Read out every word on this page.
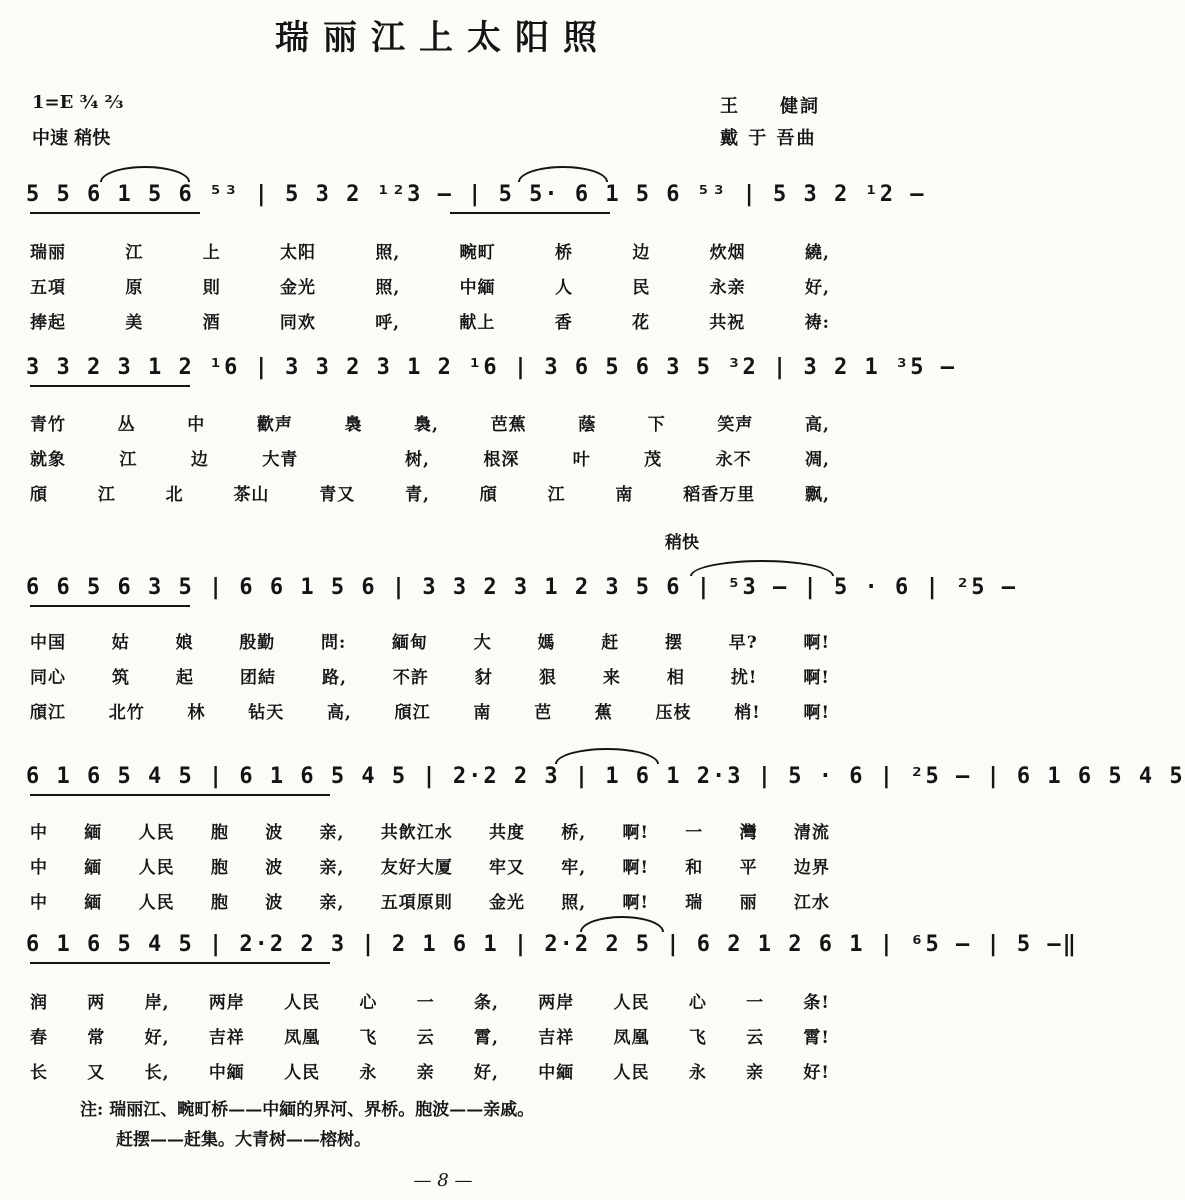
瑞丽江上太阳照
1=E ¾ ⅔
中速 稍快
王　　健詞
戴 于 吾曲
5 5 6 1 5 6 ⁵³ | 5 3 2 ¹²3 — | 5 5· 6 1 5 6 ⁵³ | 5 3 2 ¹2 —
瑞丽	江	上	太阳	照,	畹町	桥	边	炊烟	繞,
五項	原	則	金光	照,	中緬	人	民	永亲	好,
捧起	美	酒	同欢	呼,	献上	香	花	共祝	祷:
3 3 2 3 1 2 ¹6 | 3 3 2 3 1 2 ¹6 | 3 6 5 6 3 5 ³2 | 3 2 1 ³5 —
青竹	丛	中	歡声	裊	裊,	芭蕉	蔭	下	笑声	高,
就象	江	边	大青	树,	根深	叶	茂	永不	凋,
頎	江	北	茶山	青又	青,	頎	江	南	稻香万里	飘,
稍快
6 6 5 6 3 5 | 6 6 1 5 6 | 3 3 2 3 1 2 3 5 6 | ⁵3 — | 5 · 6 | ²5 —
中国	姑	娘	殷勤	問:	緬甸	大	媽	赶	摆	早?	啊!
同心	筑	起	团結	路,	不許	豺	狠	来	相	扰!	啊!
頎江	北竹	林	钻天	高,	頎江	南	芭	蕉	压枝	梢!	啊!
6 1 6 5 4 5 | 6 1 6 5 4 5 | 2·2 2 3 | 1 6 1 2·3 | 5 · 6 | ²5 — | 6 1 6 5 4 5
中 緬 人民 胞 波 亲, 共飲江水 共度 桥, 啊! 一 灣 清流
中 緬 人民 胞 波 亲, 友好大厦 牢又 牢, 啊! 和 平 边界
中 緬 人民 胞 波 亲, 五項原則 金光 照, 啊! 瑞 丽 江水
6 1 6 5 4 5 | 2·2 2 3 | 2 1 6 1 | 2·2 2 5 | 6 2 1 2 6 1 | ⁶5 — | 5 —‖
润 两 岸, 两岸 人民 心 一 条, 两岸 人民 心 一 条!
春 常 好, 吉祥 凤凰 飞 云 霄, 吉祥 凤凰 飞 云 霄!
长 又 长, 中緬 人民 永 亲 好, 中緬 人民 永 亲 好!
注: 瑞丽江、畹町桥——中緬的界河、界桥。胞波——亲戚。
赶摆——赶集。大青树——榕树。
— 8 —
